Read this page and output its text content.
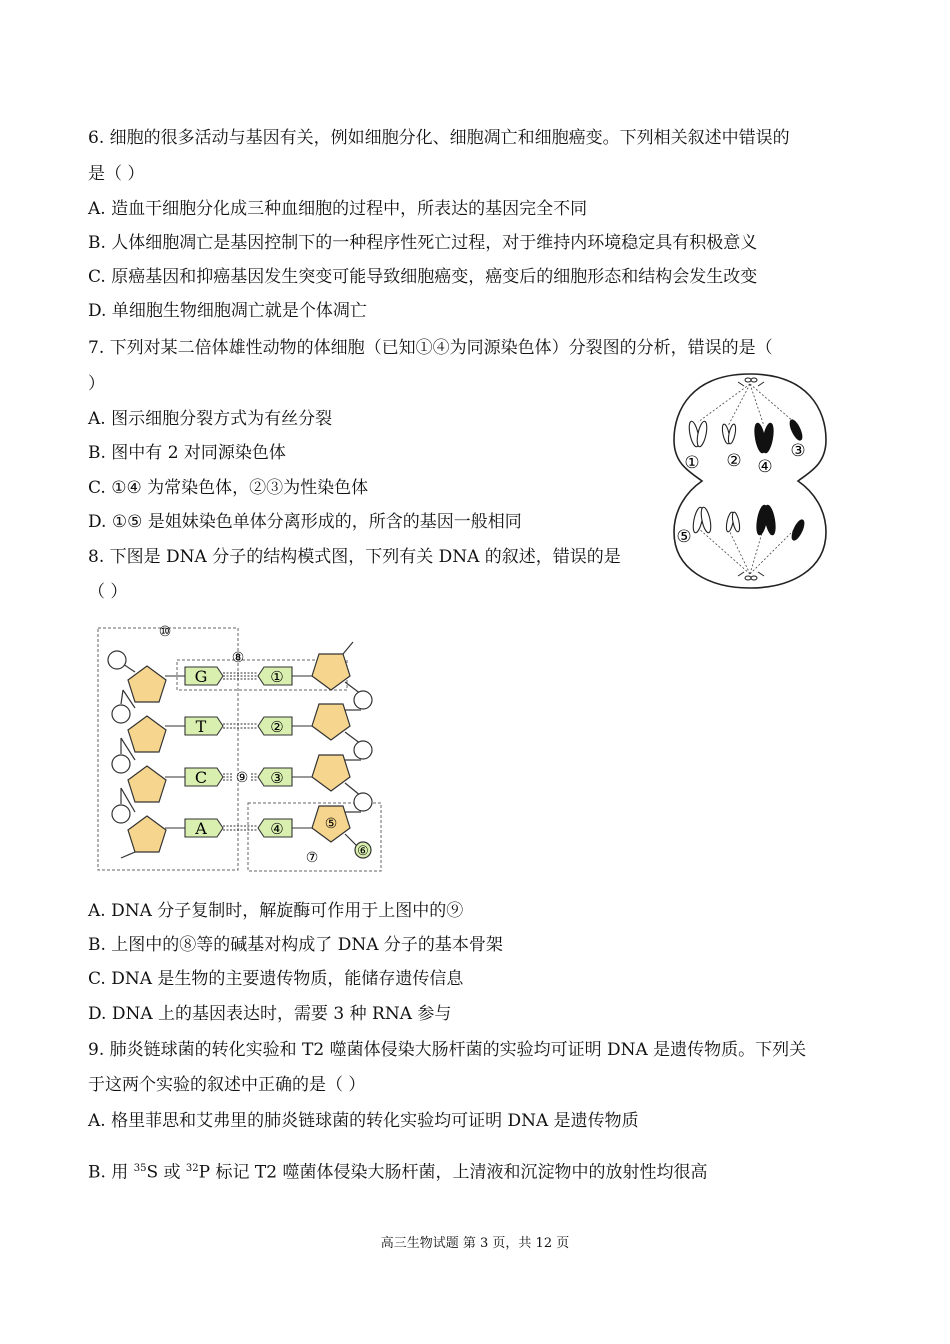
6. 细胞的很多活动与基因有关，例如细胞分化、细胞凋亡和细胞癌变。下列相关叙述中错误的
是（ ）
A. 造血干细胞分化成三种血细胞的过程中，所表达的基因完全不同
B. 人体细胞凋亡是基因控制下的一种程序性死亡过程，对于维持内环境稳定具有积极意义
C. 原癌基因和抑癌基因发生突变可能导致细胞癌变，癌变后的细胞形态和结构会发生改变
D. 单细胞生物细胞凋亡就是个体凋亡
7. 下列对某二倍体雄性动物的体细胞（已知①④为同源染色体）分裂图的分析，错误的是（
）
A. 图示细胞分裂方式为有丝分裂
B. 图中有 2 对同源染色体
C. ①④ 为常染色体，②③为性染色体
D. ①⑤ 是姐妹染色单体分离形成的，所含的基因一般相同
① ② ④
③
⑤
8. 下图是 DNA 分子的结构模式图，下列有关 DNA 的叙述，错误的是
（ ）
G
T
C
A
①
②
③
④
⑩
⑧
⑨
⑤
⑥
⑦
A. DNA 分子复制时，解旋酶可作用于上图中的⑨
B. 上图中的⑧等的碱基对构成了 DNA 分子的基本骨架
C. DNA 是生物的主要遗传物质，能储存遗传信息
D. DNA 上的基因表达时，需要 3 种 RNA 参与
9. 肺炎链球菌的转化实验和 T2 噬菌体侵染大肠杆菌的实验均可证明 DNA 是遗传物质。下列关
于这两个实验的叙述中正确的是（ ）
A. 格里菲思和艾弗里的肺炎链球菌的转化实验均可证明 DNA 是遗传物质
B. 用 $^{35}$S 或 $^{32}$P 标记 T2 噬菌体侵染大肠杆菌，上清液和沉淀物中的放射性均很高
高三生物试题 第 3 页，共 12 页
